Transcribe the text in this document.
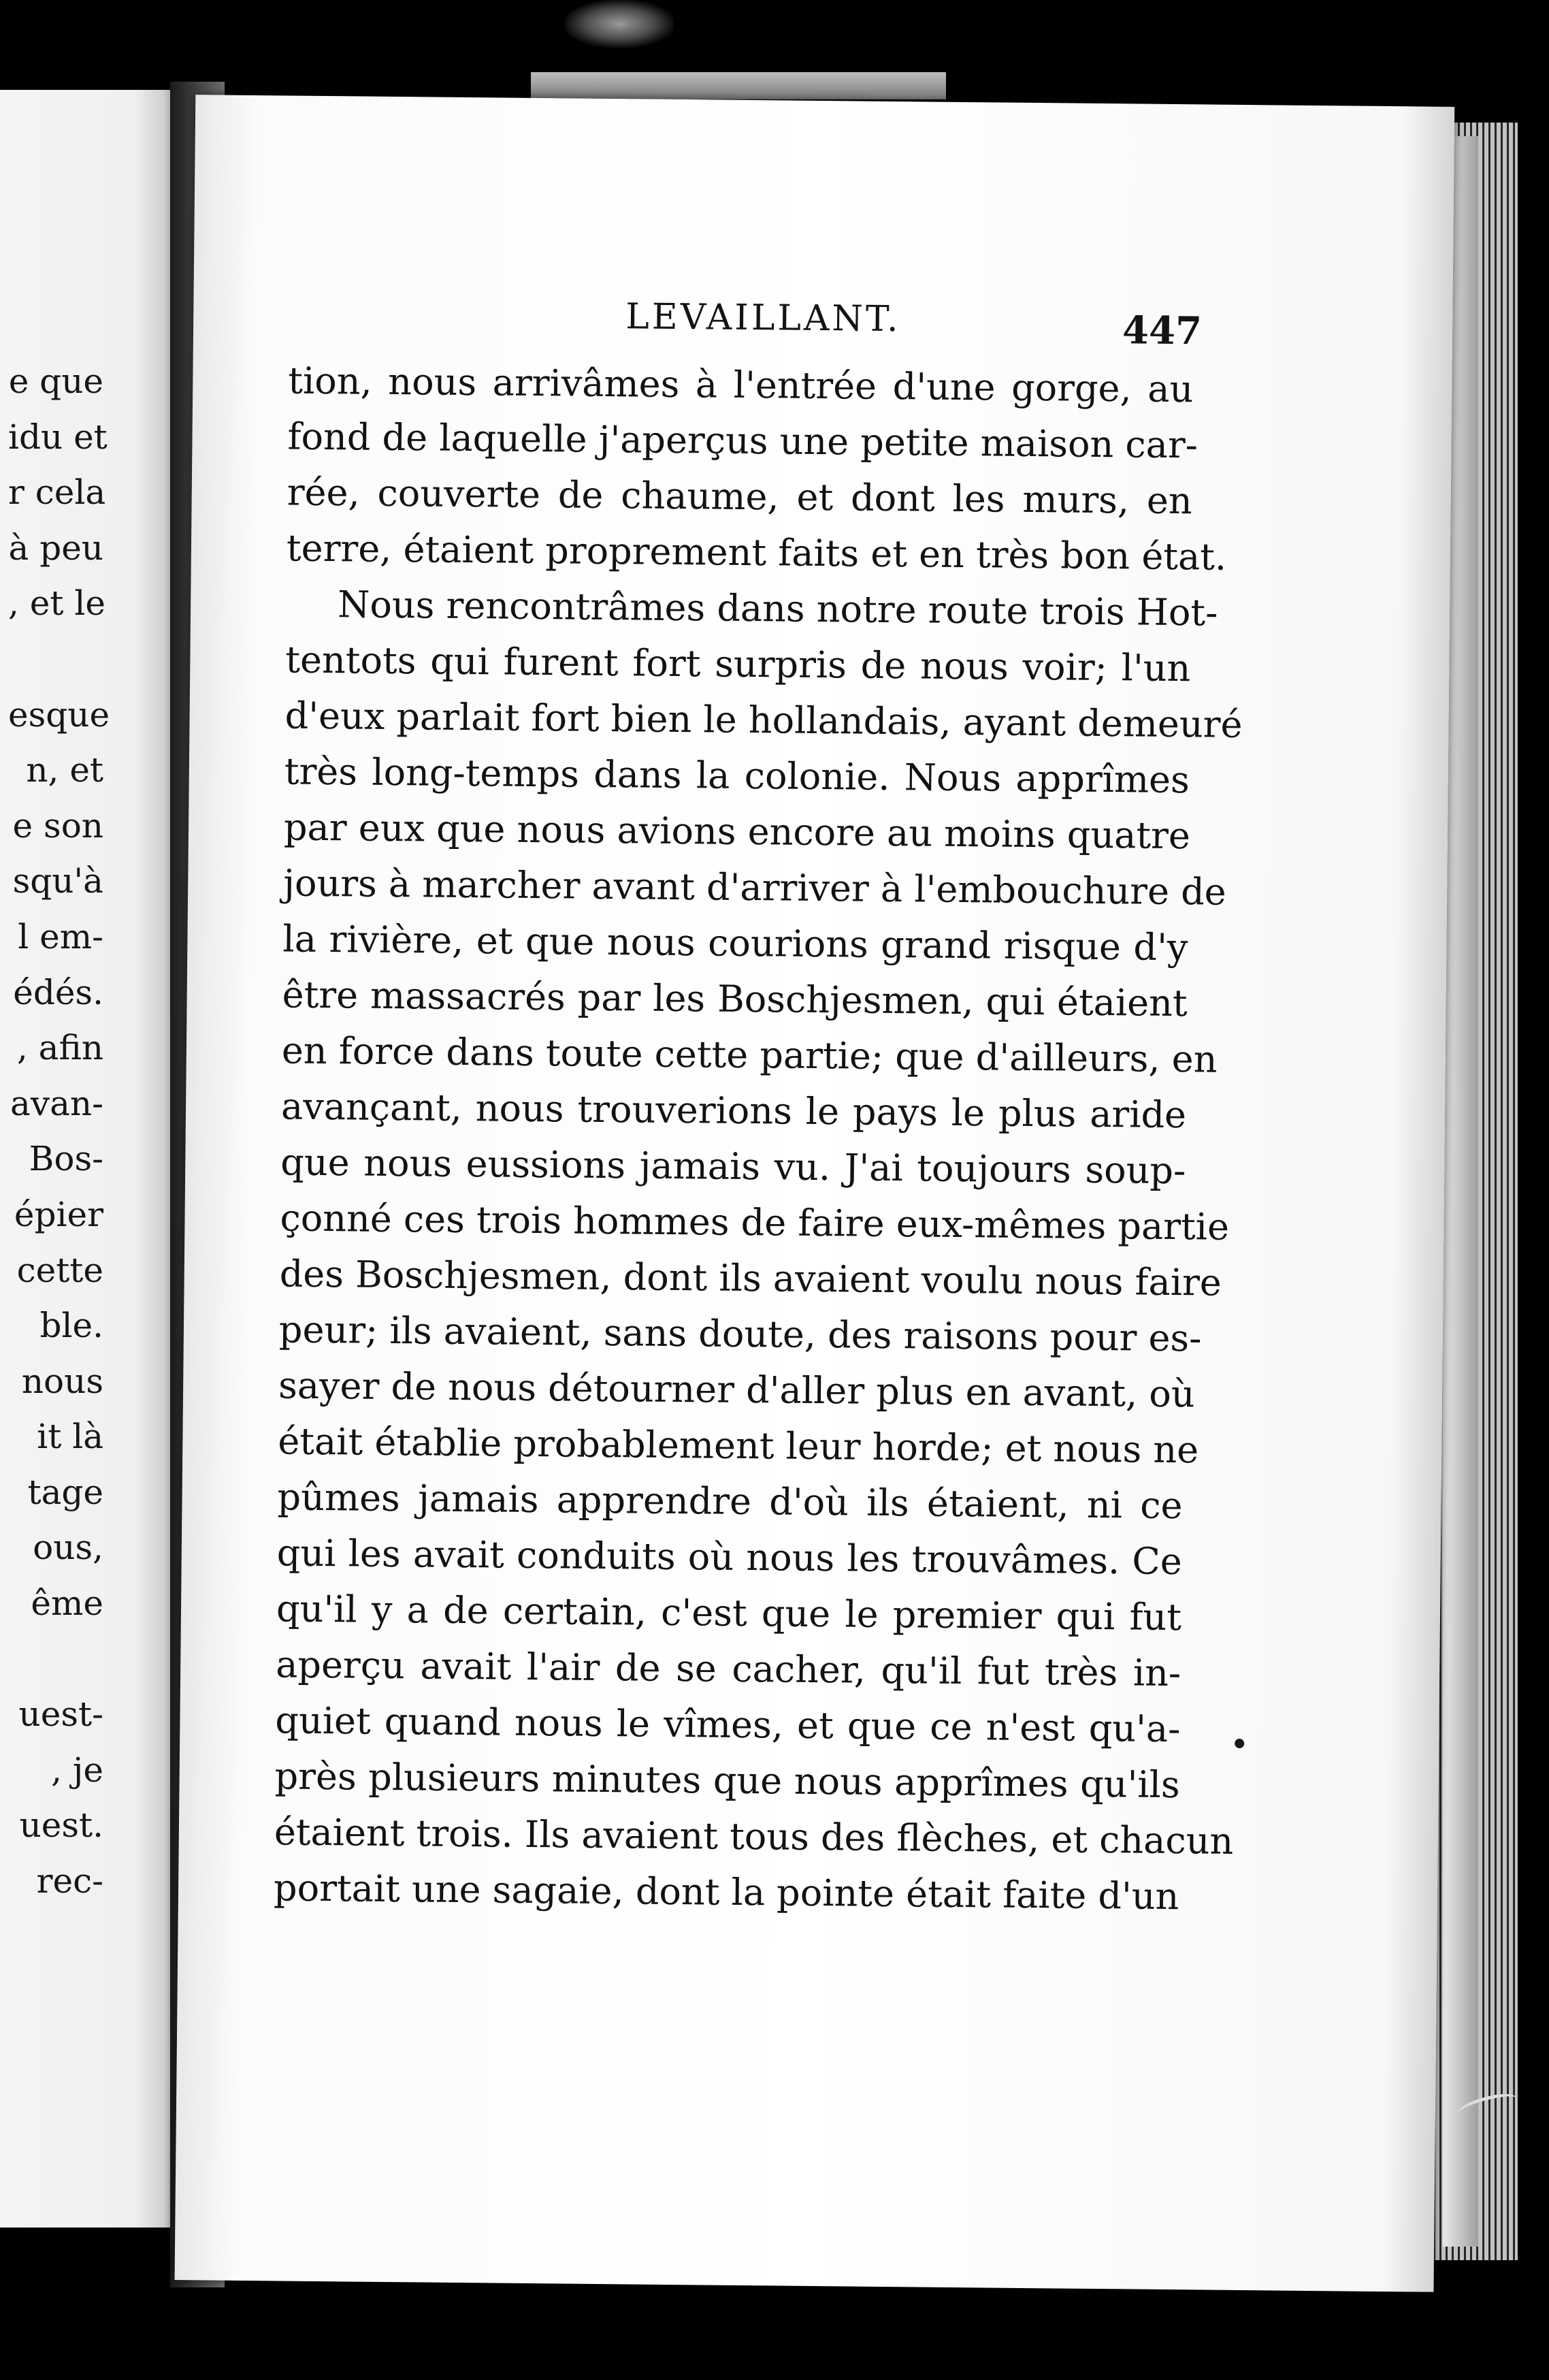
e que
idu et
r cela
à peu
, et le
esque
n, et
e son
squ'à
l em-
édés.
, afin
avan-
Bos-
épier
cette
ble.
nous
it là
tage
ous,
ême
uest-
, je
uest.
rec-
LEVAILLANT.	447
tion, nous arrivâmes à l'entrée d'une gorge, au
fond de laquelle j'aperçus une petite maison car-
rée, couverte de chaume, et dont les murs, en
terre, étaient proprement faits et en très bon état.
Nous rencontrâmes dans notre route trois Hot-
tentots qui furent fort surpris de nous voir; l'un
d'eux parlait fort bien le hollandais, ayant demeuré
très long-temps dans la colonie. Nous apprîmes
par eux que nous avions encore au moins quatre
jours à marcher avant d'arriver à l'embouchure de
la rivière, et que nous courions grand risque d'y
être massacrés par les Boschjesmen, qui étaient
en force dans toute cette partie; que d'ailleurs, en
avançant, nous trouverions le pays le plus aride
que nous eussions jamais vu. J'ai toujours soup-
çonné ces trois hommes de faire eux-mêmes partie
des Boschjesmen, dont ils avaient voulu nous faire
peur; ils avaient, sans doute, des raisons pour es-
sayer de nous détourner d'aller plus en avant, où
était établie probablement leur horde; et nous ne
pûmes jamais apprendre d'où ils étaient, ni ce
qui les avait conduits où nous les trouvâmes. Ce
qu'il y a de certain, c'est que le premier qui fut
aperçu avait l'air de se cacher, qu'il fut très in-
quiet quand nous le vîmes, et que ce n'est qu'a-
près plusieurs minutes que nous apprîmes qu'ils
étaient trois. Ils avaient tous des flèches, et chacun
portait une sagaie, dont la pointe était faite d'un
